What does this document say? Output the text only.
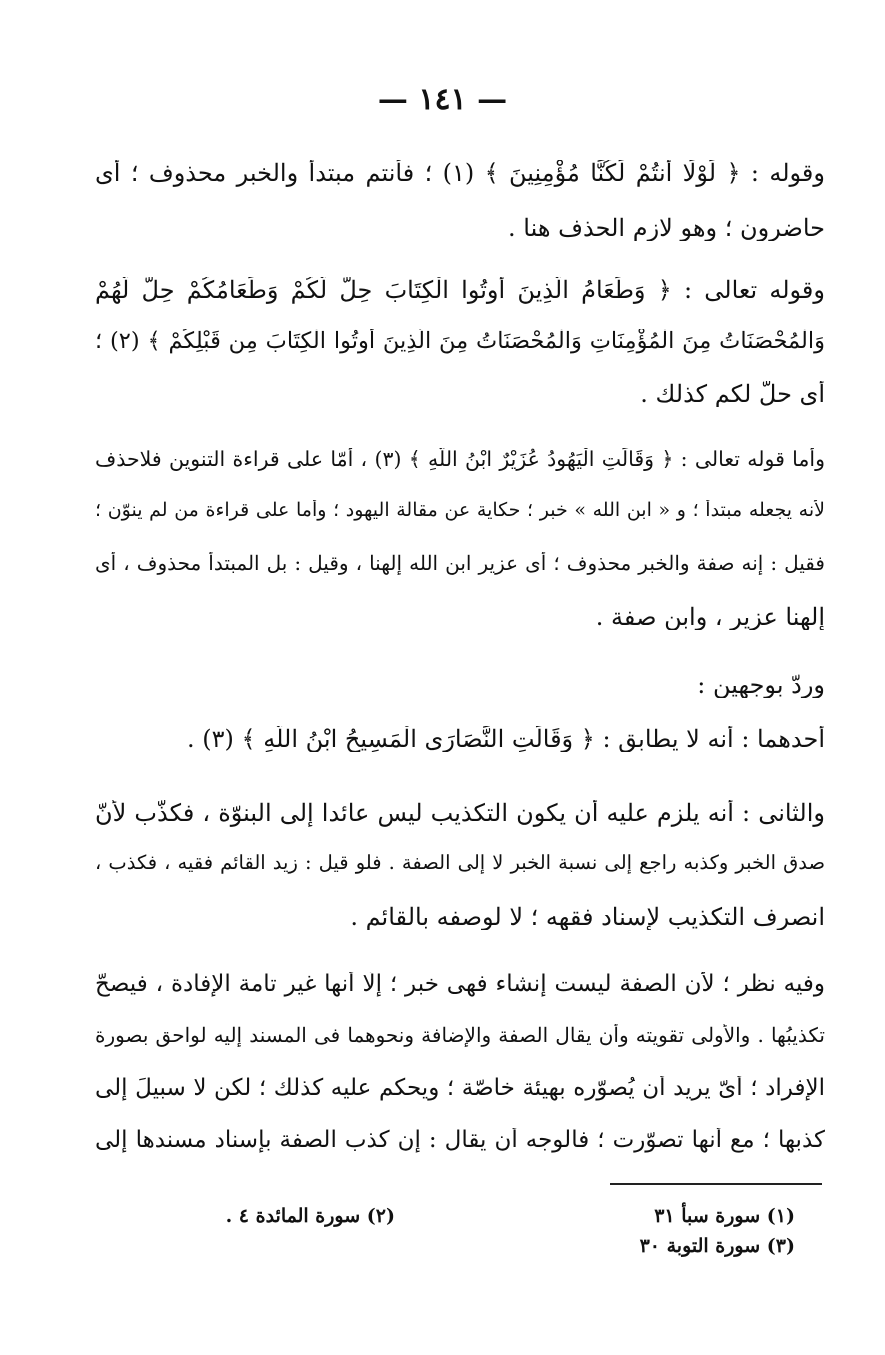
— ١٤١ —
وقوله : ﴿ لَوْلَا أَنتُمْ لَكُنَّا مُؤْمِنِينَ ﴾ (١) ؛ فأنتم مبتدأ والخبر محذوف ؛ أى
حاضرون ؛ وهو لازم الحذف هنا .
وقوله تعالى : ﴿ وَطَعَامُ الَّذِينَ أُوتُوا الْكِتَابَ حِلٌّ لَّكُمْ وَطَعَامُكُمْ حِلٌّ لَّهُمْ
وَالْمُحْصَنَاتُ مِنَ الْمُؤْمِنَاتِ وَالْمُحْصَنَاتُ مِنَ الَّذِينَ أُوتُوا الْكِتَابَ مِن قَبْلِكُمْ ﴾ (٢) ؛
أى حلّ لكم كذلك .
وأما قوله تعالى : ﴿ وَقَالَتِ الْيَهُودُ عُزَيْرٌ ابْنُ اللَّهِ ﴾ (٣) ، أمّا على قراءة التنوين فلاحذف
لأنه يجعله مبتدأ ؛ و « ابن الله » خبر ؛ حكاية عن مقالة اليهود ؛ وأما على قراءة من لم ينوّن ؛
فقيل : إنه صفة والخبر محذوف ؛ أى عزير ابن الله إلهنا ، وقيل : بل المبتدأ محذوف ، أى
إلهنا عزير ، وابن صفة .
وردّ بوجهين :
أحدهما : أنه لا يطابق : ﴿ وَقَالَتِ النَّصَارَى الْمَسِيحُ ابْنُ اللَّهِ ﴾ (٣) .
والثانى : أنه يلزم عليه أن يكون التكذيب ليس عائدا إلى البنوّة ، فكذّب لأنّ
صدق الخبر وكذبه راجع إلى نسبة الخبر لا إلى الصفة . فلو قيل : زيد القائم فقيه ، فكذب ،
انصرف التكذيب لإسناد فقهه ؛ لا لوصفه بالقائم .
وفيه نظر ؛ لأن الصفة ليست إنشاء فهى خبر ؛ إلّا أنها غير تامة الإفادة ، فيصحّ
تكذيبُها . والأولى تقويته وأن يقال الصفة والإضافة ونحوهما فى المسند إليه لواحق بصورة
الإفراد ؛ أىّ يريد أن يُصوّره بهيئة خاصّة ؛ ويحكم عليه كذلك ؛ لكن لا سبيلَ إلى
كذبها ؛ مع أنها تصوّرت ؛ فالوجه أن يقال : إن كذب الصفة بإسناد مسندها إلى
(١) سورة سبأ ٣١
(٢) سورة المائدة ٤ .
(٣) سورة التوبة ٣٠
